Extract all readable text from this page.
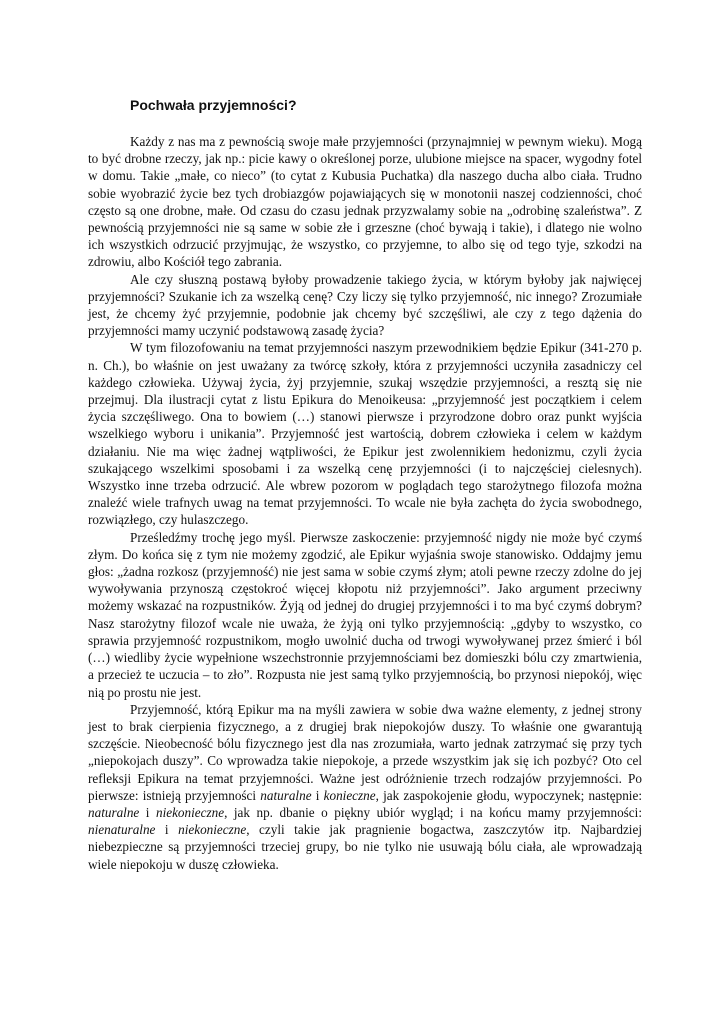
Pochwała przyjemności?

Każdy z nas ma z pewnością swoje małe przyjemności (przynajmniej w pewnym wieku). Mogą to być drobne rzeczy, jak np.: picie kawy o określonej porze, ulubione miejsce na spacer, wygodny fotel w domu. Takie „małe, co nieco” (to cytat z Kubusia Puchatka) dla naszego ducha albo ciała. Trudno sobie wyobrazić życie bez tych drobiazgów pojawiających się w monotonii naszej codzienności, choć często są one drobne, małe. Od czasu do czasu jednak przyzwalamy sobie na „odrobinę szaleństwa”. Z pewnością przyjemności nie są same w sobie złe i grzeszne (choć bywają i takie), i dlatego nie wolno ich wszystkich odrzucić przyjmując, że wszystko, co przyjemne, to albo się od tego tyje, szkodzi na zdrowiu, albo Kościół tego zabrania.

Ale czy słuszną postawą byłoby prowadzenie takiego życia, w którym byłoby jak najwięcej przyjemności? Szukanie ich za wszelką cenę? Czy liczy się tylko przyjemność, nic innego? Zrozumiałe jest, że chcemy żyć przyjemnie, podobnie jak chcemy być szczęśliwi, ale czy z tego dążenia do przyjemności mamy uczynić podstawową zasadę życia?

W tym filozofowaniu na temat przyjemności naszym przewodnikiem będzie Epikur (341-270 p. n. Ch.), bo właśnie on jest uważany za twórcę szkoły, która z przyjemności uczyniła zasadniczy cel każdego człowieka. Używaj życia, żyj przyjemnie, szukaj wszędzie przyjemności, a resztą się nie przejmuj. Dla ilustracji cytat z listu Epikura do Menoikeusa: „przyjemność jest początkiem i celem życia szczęśliwego. Ona to bowiem (…) stanowi pierwsze i przyrodzone dobro oraz punkt wyjścia wszelkiego wyboru i unikania”. Przyjemność jest wartością, dobrem człowieka i celem w każdym działaniu. Nie ma więc żadnej wątpliwości, że Epikur jest zwolennikiem hedonizmu, czyli życia szukającego wszelkimi sposobami i za wszelką cenę przyjemności (i to najczęściej cielesnych). Wszystko inne trzeba odrzucić. Ale wbrew pozorom w poglądach tego starożytnego filozofa można znaleźć wiele trafnych uwag na temat przyjemności. To wcale nie była zachęta do życia swobodnego, rozwiązłego, czy hulaszczego.

Prześledźmy trochę jego myśl. Pierwsze zaskoczenie: przyjemność nigdy nie może być czymś złym. Do końca się z tym nie możemy zgodzić, ale Epikur wyjaśnia swoje stanowisko. Oddajmy jemu głos: „żadna rozkosz (przyjemność) nie jest sama w sobie czymś złym; atoli pewne rzeczy zdolne do jej wywoływania przynoszą częstokroć więcej kłopotu niż przyjemności”. Jako argument przeciwny możemy wskazać na rozpustników. Żyją od jednej do drugiej przyjemności i to ma być czymś dobrym? Nasz starożytny filozof wcale nie uważa, że żyją oni tylko przyjemnością: „gdyby to wszystko, co sprawia przyjemność rozpustnikom, mogło uwolnić ducha od trwogi wywoływanej przez śmierć i ból (…) wiedliby życie wypełnione wszechstronnie przyjemnościami bez domieszki bólu czy zmartwienia, a przecież te uczucia – to zło”. Rozpusta nie jest samą tylko przyjemnością, bo przynosi niepokój, więc nią po prostu nie jest.

Przyjemność, którą Epikur ma na myśli zawiera w sobie dwa ważne elementy, z jednej strony jest to brak cierpienia fizycznego, a z drugiej brak niepokojów duszy. To właśnie one gwarantują szczęście. Nieobecność bólu fizycznego jest dla nas zrozumiała, warto jednak zatrzymać się przy tych „niepokojach duszy”. Co wprowadza takie niepokoje, a przede wszystkim jak się ich pozbyć? Oto cel refleksji Epikura na temat przyjemności. Ważne jest odróżnienie trzech rodzajów przyjemności. Po pierwsze: istnieją przyjemności naturalne i konieczne, jak zaspokojenie głodu, wypoczynek; następnie: naturalne i niekonieczne, jak np. dbanie o piękny ubiór wygląd; i na końcu mamy przyjemności: nienaturalne i niekonieczne, czyli takie jak pragnienie bogactwa, zaszczytów itp. Najbardziej niebezpieczne są przyjemności trzeciej grupy, bo nie tylko nie usuwają bólu ciała, ale wprowadzają wiele niepokoju w duszę człowieka.
